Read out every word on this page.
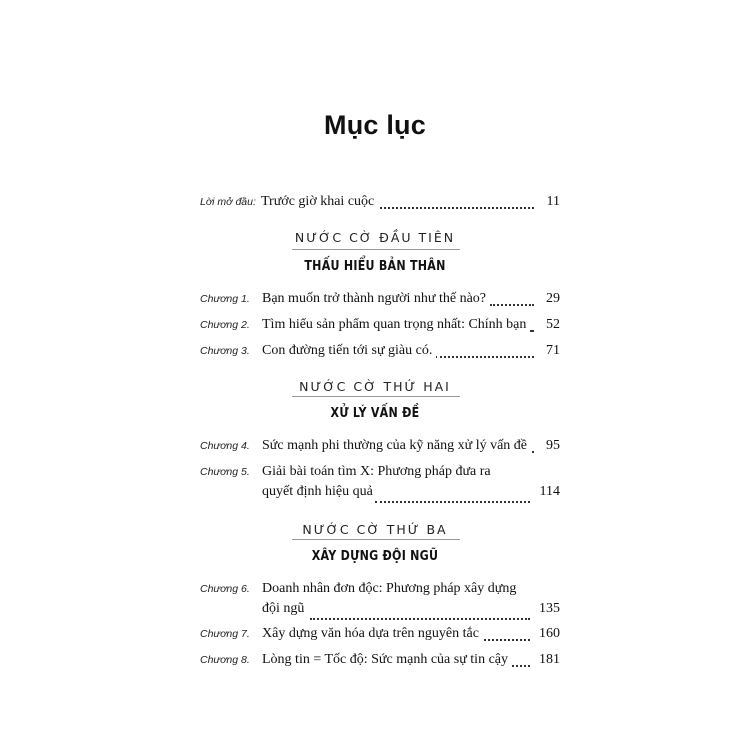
Mục lục
Lời mở đầu: Trước giờ khai cuộc	11
NƯỚC CỜ ĐẦU TIÊN
THẤU HIỂU BẢN THÂN
Chương 1. Bạn muốn trở thành người như thế nào?	29
Chương 2. Tìm hiểu sản phẩm quan trọng nhất: Chính bạn 52
Chương 3. Con đường tiến tới sự giàu có.	71
NƯỚC CỜ THỨ HAI
XỬ LÝ VẤN ĐỀ
Chương 4. Sức mạnh phi thường của kỹ năng xử lý vấn đề 95
Chương 5. Giải bài toán tìm X: Phương pháp đưa ra
quyết định hiệu quả	114
NƯỚC CỜ THỨ BA
XÂY DỰNG ĐỘI NGŨ
Chương 6. Doanh nhân đơn độc: Phương pháp xây dựng
đội ngũ	135
Chương 7. Xây dựng văn hóa dựa trên nguyên tắc	160
Chương 8. Lòng tin = Tốc độ: Sức mạnh của sự tin cậy 181
